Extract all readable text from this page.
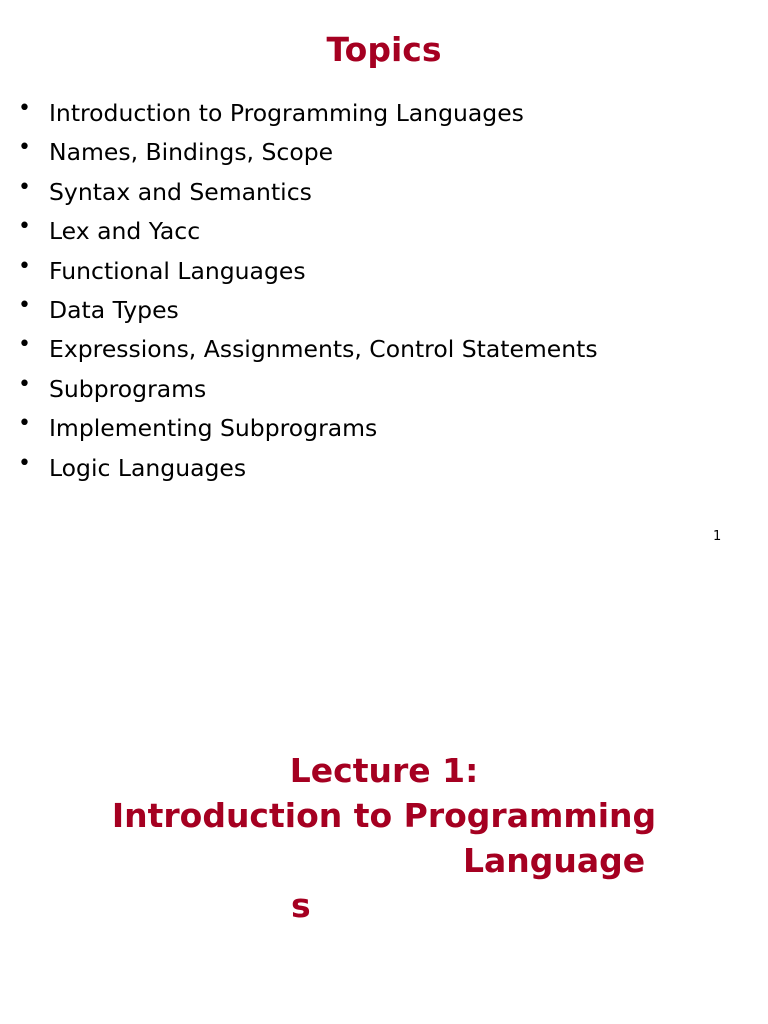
Topics
• Introduction to Programming Languages
• Names, Bindings, Scope
• Syntax and Semantics
• Lex and Yacc
• Functional Languages
• Data Types
• Expressions, Assignments, Control Statements
• Subprograms
• Implementing Subprograms
• Logic Languages
1
Lecture 1:
Introduction to Programming
Language
s
